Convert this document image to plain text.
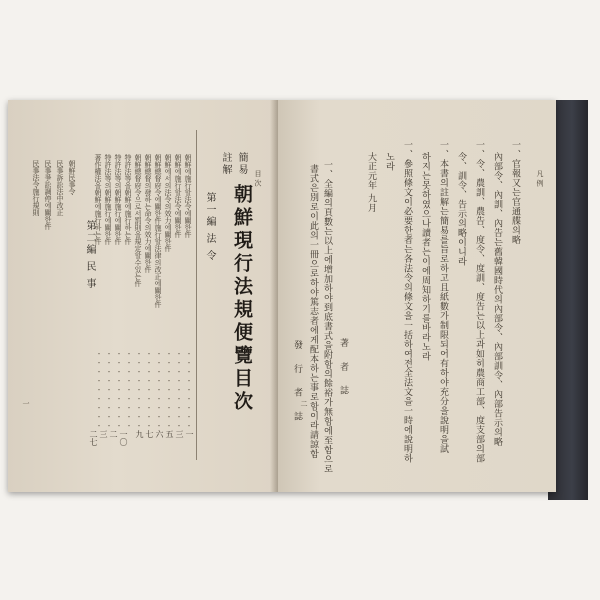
目 次
簡易
註解
朝鮮現行法規便覽目次
第一編 法 令
第二編 民 事
一
朝鮮에施行할法令에關한件
・・・・・・・・・
朝鮮에施行할法令에關한件
・・・・・・・・・
朝鮮에서의法令의效力에關한件
・・・・・・・・・
朝鮮總督府令에關한件施行할法律의改正에關한件
・・・・・・・・・
朝鮮總督의發하는命令의效力에關한件
・・・・・・・・・
朝鮮總督府令으로서罰則을規定할수있는件
・・・・・・・・・
特許法等을朝鮮에施行하는件
・・・・・・・・・
特許法等의朝鮮施行에關한件
・・・・・・・・・
特許法等의朝鮮施行에關한件
・・・・・・・・・
著作權法을朝鮮에施行하는件
・・・・・・・・・
一
三
五
六
七
九
一〇
二
三
二七
朝鮮民事令
民事訴訟法中改正
民事爭訟調停에關한件
民事法令施行規則	凡 例
著 者 誌
一、全編의頁數는以上에增加하야到底書式을附함의餘裕가無함에至함으로
書式은別로이此의一冊으로하야篤志者에게配本하는事로함이라請諒함
發 行 者 誌
二
一、官報又는官通牒의略
內部令、內訓、內告는舊韓國時代의內部令、內部訓令、內部告示의略
一、令、農訓、農告、度令、度訓、度告는以上과如히農商工部、度支部의部
令、訓令、告示의略이니라
一、本書의註解는簡易를旨로하고且紙數가制限되어有하야充分을說明을試
하지는못하였으나讀者는이에周知하기를바라노라
一、參照條文이必要한者는各法令의條文을一括하여전全法文을一時에說明하
노라
大正元年 九月
